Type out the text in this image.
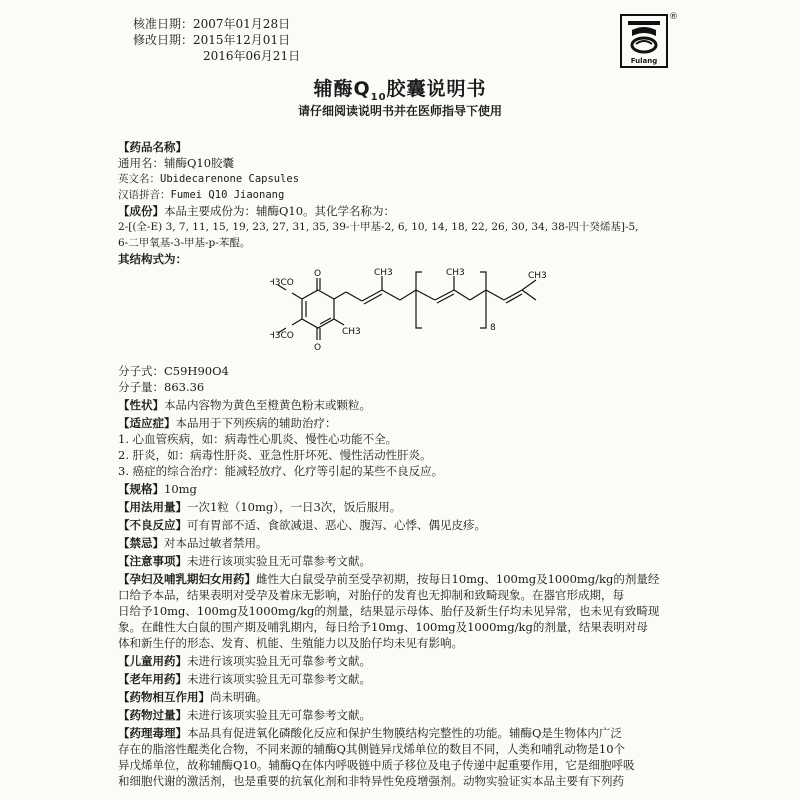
核准日期：2007年01月28日
修改日期：2015年12月01日
2016年06月21日
®
Fulang
辅酶$Q_{10}$胶囊说明书
请仔细阅读说明书并在医师指导下使用
【药品名称】
通用名：辅酶Q10胶囊
英文名：Ubidecarenone Capsules
汉语拼音：Fumei Q10 Jiaonang
【成份】本品主要成份为：辅酶Q10。其化学名称为：
2-[(全-E) 3, 7, 11, 15, 19, 23, 27, 31, 35, 39-十甲基-2, 6, 10, 14, 18, 22, 26, 30, 34, 38-四十癸烯基]-5,
6-二甲氧基-3-甲基-p-苯醌。
其结构式为：
H3CO
H3CO
O
O
CH3
CH3	CH3	CH3
8
分子式：C59H90O4
分子量：863.36
【性状】本品内容物为黄色至橙黄色粉末或颗粒。
【适应症】本品用于下列疾病的辅助治疗：
1. 心血管疾病，如：病毒性心肌炎、慢性心功能不全。
2. 肝炎，如：病毒性肝炎、亚急性肝坏死、慢性活动性肝炎。
3. 癌症的综合治疗：能减轻放疗、化疗等引起的某些不良反应。
【规格】10mg
【用法用量】一次1粒（10mg），一日3次，饭后服用。
【不良反应】可有胃部不适、食欲减退、恶心、腹泻、心悸、偶见皮疹。
【禁忌】对本品过敏者禁用。
【注意事项】未进行该项实验且无可靠参考文献。
【孕妇及哺乳期妇女用药】雌性大白鼠受孕前至受孕初期，按每日10mg、100mg及1000mg/kg的剂量经
口给予本品，结果表明对受孕及着床无影响，对胎仔的发育也无抑制和致畸现象。在器官形成期，每
日给予10mg、100mg及1000mg/kg的剂量，结果显示母体、胎仔及新生仔均未见异常，也未见有致畸现
象。在雌性大白鼠的围产期及哺乳期内，每日给予10mg、100mg及1000mg/kg的剂量，结果表明对母
体和新生仔的形态、发育、机能、生殖能力以及胎仔均未见有影响。
【儿童用药】未进行该项实验且无可靠参考文献。
【老年用药】未进行该项实验且无可靠参考文献。
【药物相互作用】尚未明确。
【药物过量】未进行该项实验且无可靠参考文献。
【药理毒理】本品具有促进氧化磷酸化反应和保护生物膜结构完整性的功能。辅酶Q是生物体内广泛
存在的脂溶性醌类化合物，不同来源的辅酶Q其侧链异戊烯单位的数目不同，人类和哺乳动物是10个
异戊烯单位，故称辅酶Q10。辅酶Q在体内呼吸链中质子移位及电子传递中起重要作用，它是细胞呼吸
和细胞代谢的激活剂，也是重要的抗氧化剂和非特异性免疫增强剂。动物实验证实本品主要有下列药
